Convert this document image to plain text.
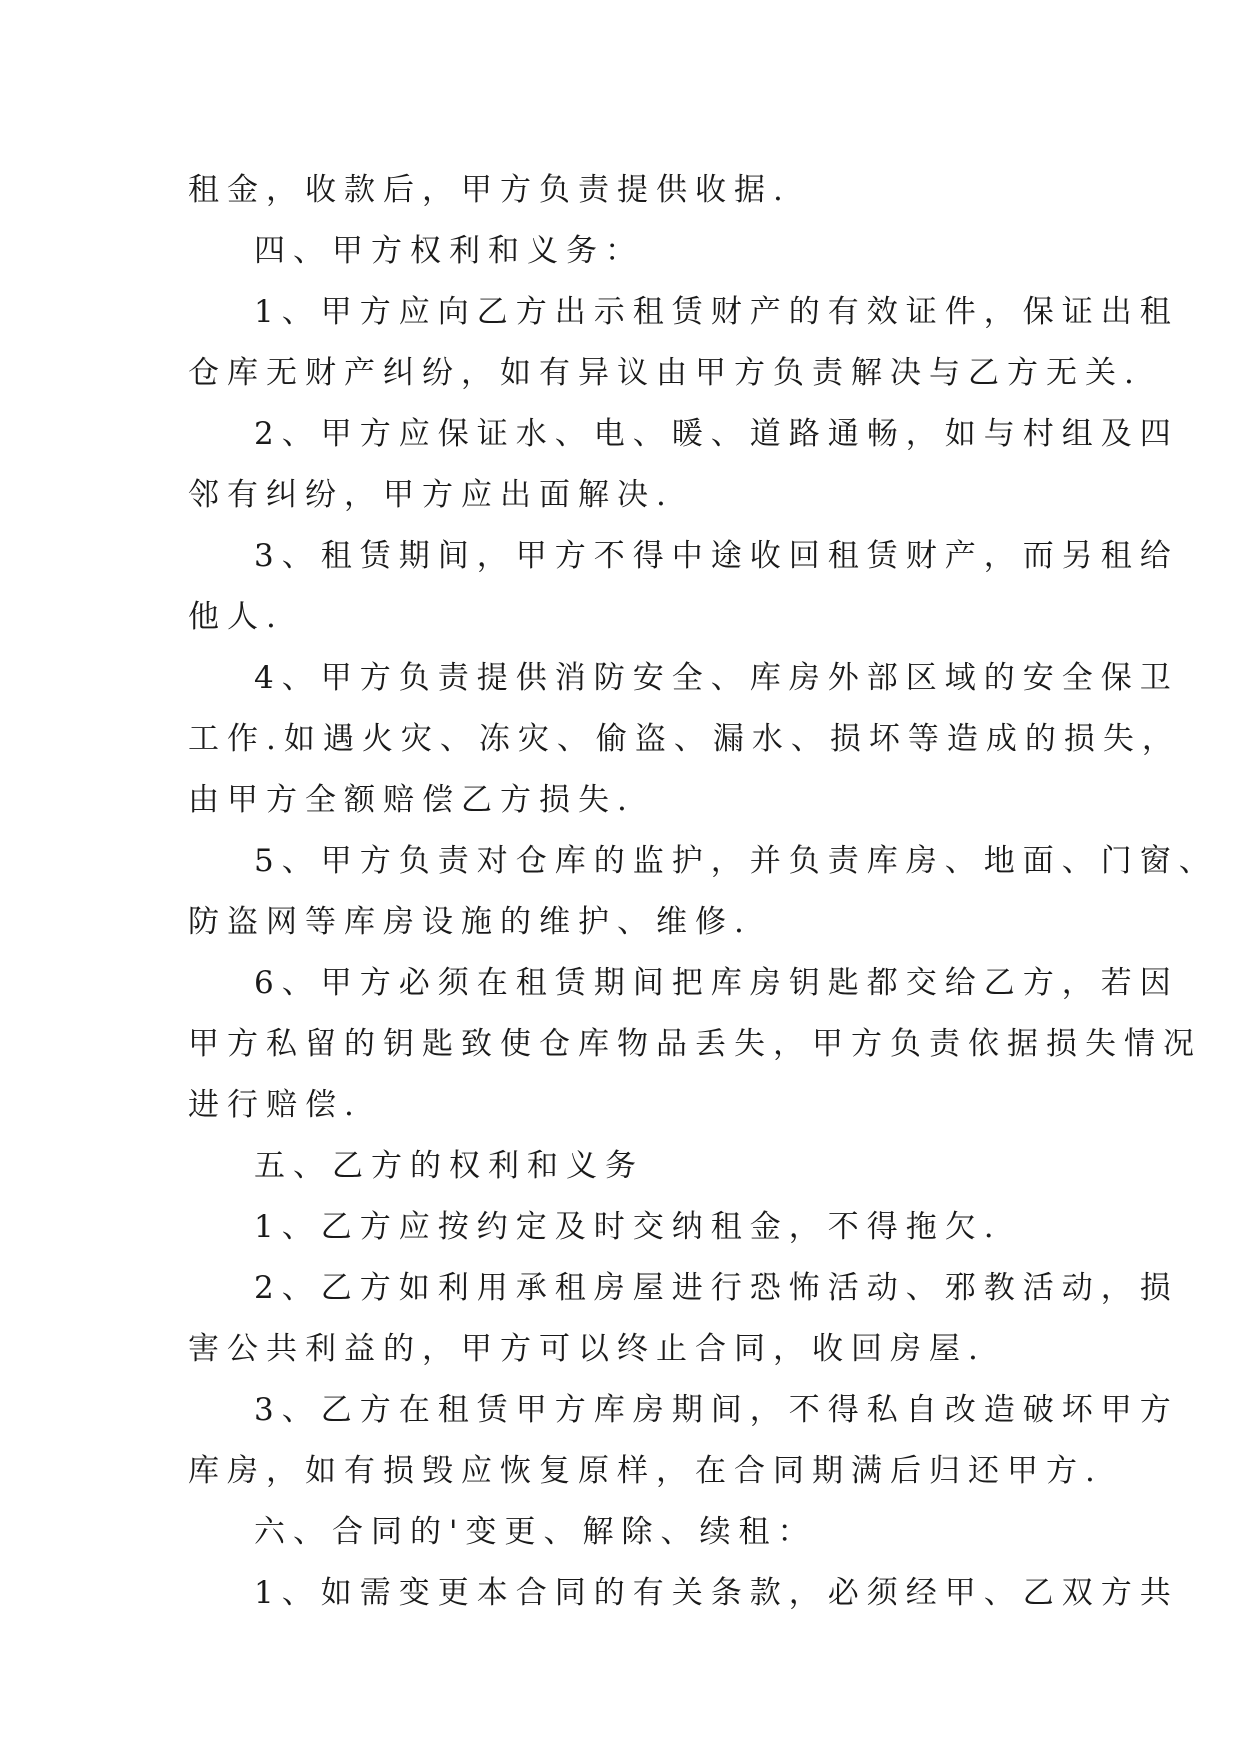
租金，收款后，甲方负责提供收据.
四、甲方权利和义务：
1、甲方应向乙方出示租赁财产的有效证件，保证出租
仓库无财产纠纷，如有异议由甲方负责解决与乙方无关.
2、甲方应保证水、电、暖、道路通畅，如与村组及四
邻有纠纷，甲方应出面解决.
3、租赁期间，甲方不得中途收回租赁财产，而另租给
他人.
4、甲方负责提供消防安全、库房外部区域的安全保卫
工作.如遇火灾、冻灾、偷盗、漏水、损坏等造成的损失，
由甲方全额赔偿乙方损失.
5、甲方负责对仓库的监护，并负责库房、地面、门窗、
防盗网等库房设施的维护、维修.
6、甲方必须在租赁期间把库房钥匙都交给乙方，若因
甲方私留的钥匙致使仓库物品丢失，甲方负责依据损失情况
进行赔偿.
五、乙方的权利和义务
1、乙方应按约定及时交纳租金，不得拖欠.
2、乙方如利用承租房屋进行恐怖活动、邪教活动，损
害公共利益的，甲方可以终止合同，收回房屋.
3、乙方在租赁甲方库房期间，不得私自改造破坏甲方
库房，如有损毁应恢复原样，在合同期满后归还甲方.
六、合同的'变更、解除、续租：
1、如需变更本合同的有关条款，必须经甲、乙双方共
